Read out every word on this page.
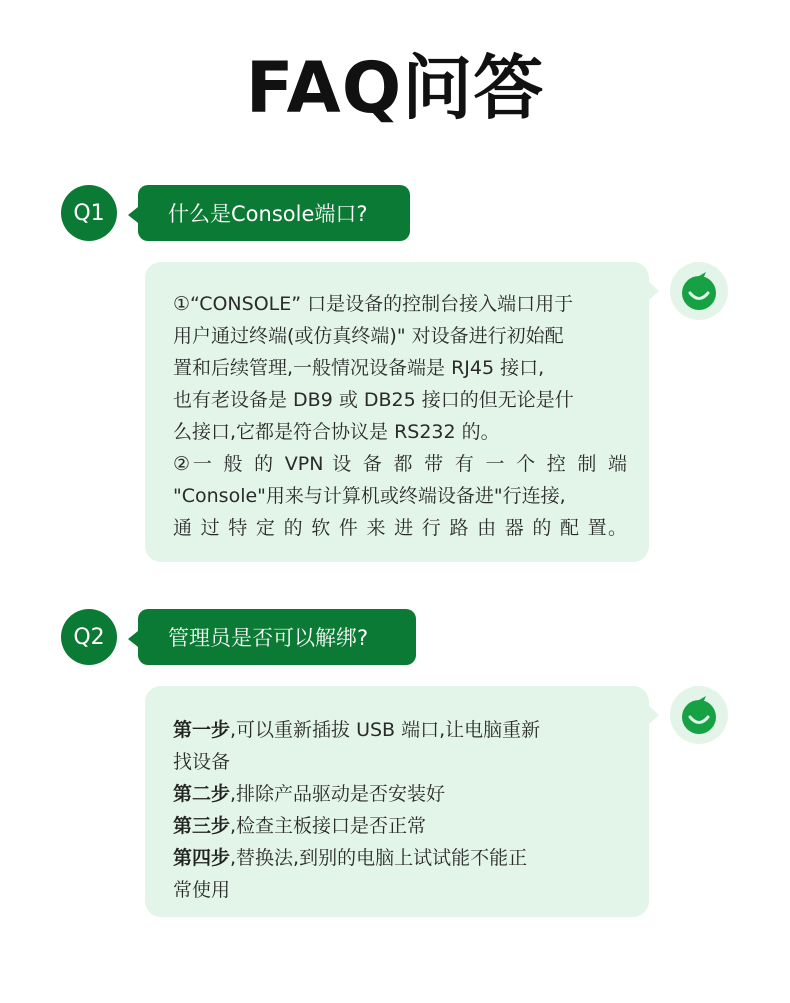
FAQ问答
Q1	什么是Console端口?

①“CONSOLE” 口是设备的控制台接入端口用于

用户通过终端(或仿真终端)" 对设备进行初始配

置和后续管理,一般情况设备端是 RJ45 接口,

也有老设备是 DB9 或 DB25 接口的但无论是什

么接口,它都是符合协议是 RS232 的。

②一 般 的 VPN 设 备 都 带 有 一 个 控 制 端

"Console"用来与计算机或终端设备进"行连接,

通 过 特 定 的 软 件 来 进 行 路 由 器 的 配 置。

Q2	管理员是否可以解绑?

第一步,可以重新插拔 USB 端口,让电脑重新

找设备

第二步,排除产品驱动是否安装好

第三步,检查主板接口是否正常

第四步,替换法,到别的电脑上试试能不能正

常使用
